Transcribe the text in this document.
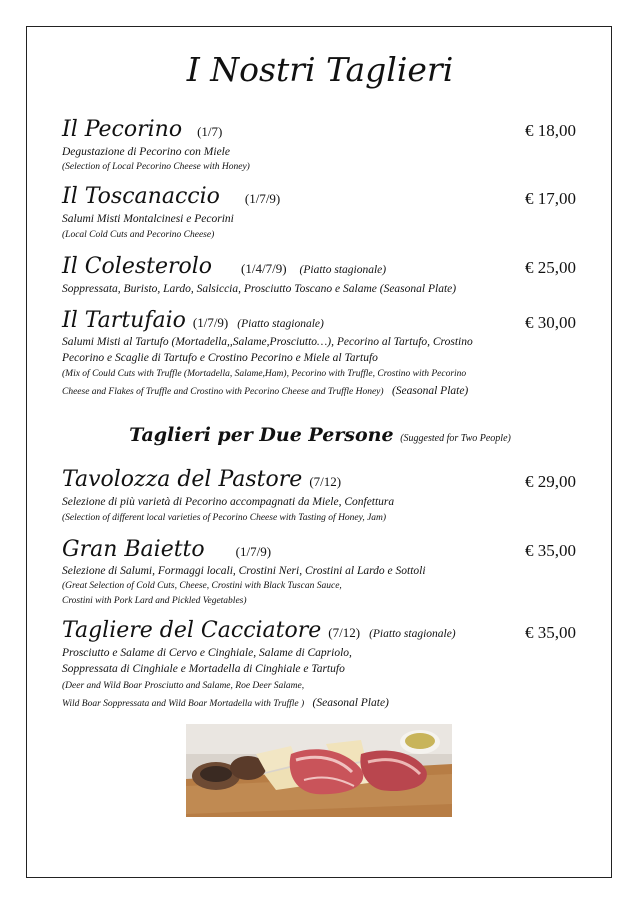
I Nostri Taglieri
Il Pecorino (1/7)	€ 18,00
Degustazione di Pecorino con Miele
(Selection of Local Pecorino Cheese with Honey)
Il Toscanaccio (1/7/9)	€ 17,00
Salumi Misti Montalcinesi e Pecorini
(Local Cold Cuts and Pecorino Cheese)
Il Colesterolo (1/4/7/9) (Piatto stagionale)	€ 25,00
Soppressata, Buristo, Lardo, Salsiccia, Prosciutto Toscano e Salame (Seasonal Plate)
Il Tartufaio (1/7/9) (Piatto stagionale)	€ 30,00
Salumi Misti al Tartufo (Mortadella,,Salame,Prosciutto…), Pecorino al Tartufo, Crostino
Pecorino e Scaglie di Tartufo e Crostino Pecorino e Miele al Tartufo
(Mix of Could Cuts with Truffle (Mortadella, Salame,Ham), Pecorino with Truffle, Crostino with Pecorino
Cheese and Flakes of Truffle and Crostino with Pecorino Cheese and Truffle Honey) (Seasonal Plate)
Taglieri per Due Persone (Suggested for Two People)
Tavolozza del Pastore (7/12)	€ 29,00
Selezione di più varietà di Pecorino accompagnati da Miele, Confettura
(Selection of different local varieties of Pecorino Cheese with Tasting of Honey, Jam)
Gran Baietto (1/7/9)	€ 35,00
Selezione di Salumi, Formaggi locali, Crostini Neri, Crostini al Lardo e Sottoli
(Great Selection of Cold Cuts, Cheese, Crostini with Black Tuscan Sauce,
Crostini with Pork Lard and Pickled Vegetables)
Tagliere del Cacciatore (7/12) (Piatto stagionale)	€ 35,00
Prosciutto e Salame di Cervo e Cinghiale, Salame di Capriolo,
Soppressata di Cinghiale e Mortadella di Cinghiale e Tartufo
(Deer and Wild Boar Prosciutto and Salame, Roe Deer Salame,
Wild Boar Soppressata and Wild Boar Mortadella with Truffle ) (Seasonal Plate)
